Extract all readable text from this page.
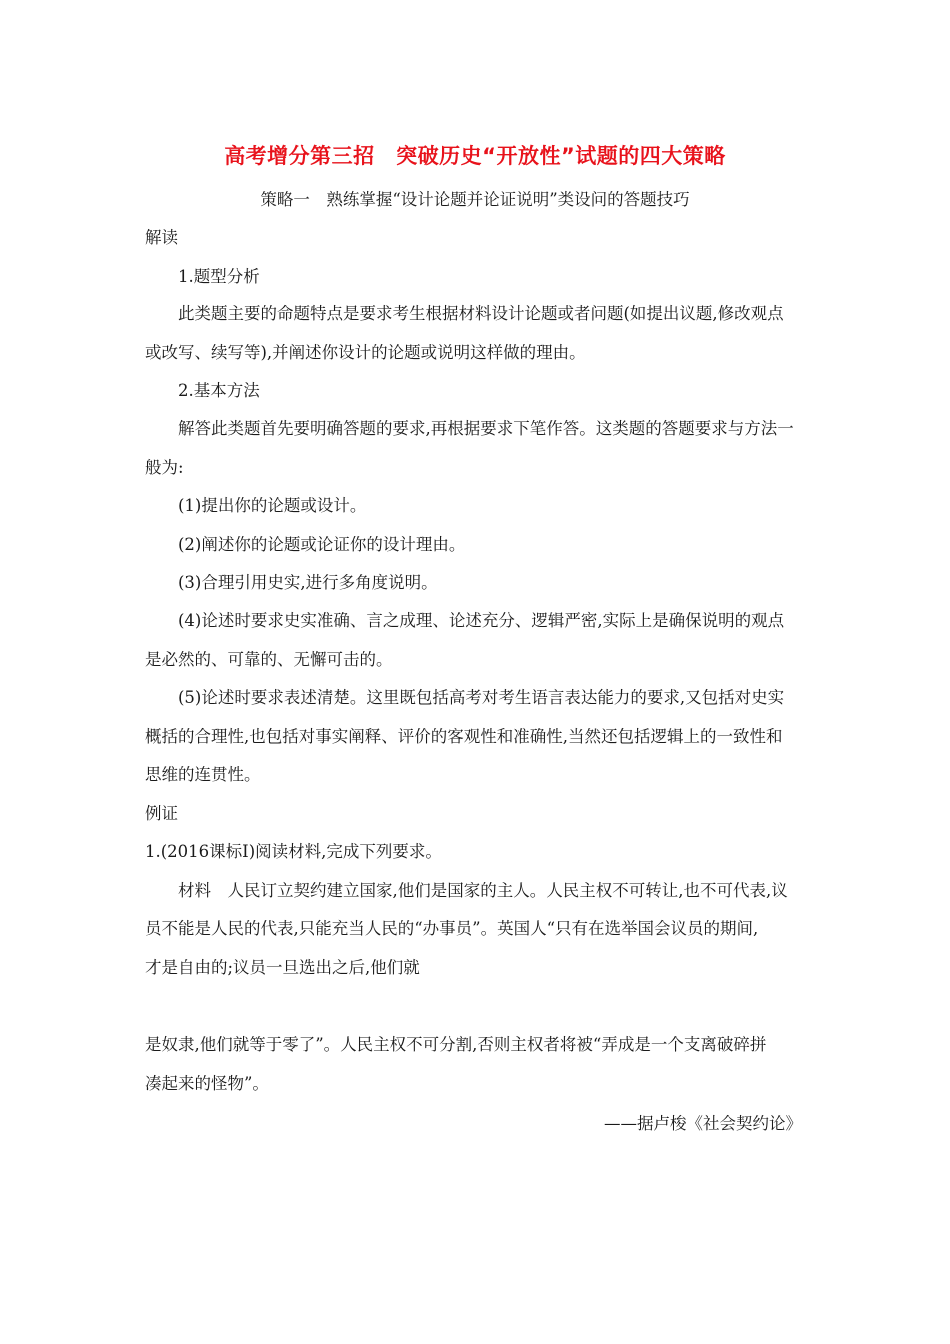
高考增分第三招　突破历史“开放性”试题的四大策略
策略一　熟练掌握“设计论题并论证说明”类设问的答题技巧
解读
1.题型分析
此类题主要的命题特点是要求考生根据材料设计论题或者问题(如提出议题,修改观点
或改写、续写等),并阐述你设计的论题或说明这样做的理由。
2.基本方法
解答此类题首先要明确答题的要求,再根据要求下笔作答。这类题的答题要求与方法一
般为:
(1)提出你的论题或设计。
(2)阐述你的论题或论证你的设计理由。
(3)合理引用史实,进行多角度说明。
(4)论述时要求史实准确、言之成理、论述充分、逻辑严密,实际上是确保说明的观点
是必然的、可靠的、无懈可击的。
(5)论述时要求表述清楚。这里既包括高考对考生语言表达能力的要求,又包括对史实
概括的合理性,也包括对事实阐释、评价的客观性和准确性,当然还包括逻辑上的一致性和
思维的连贯性。
例证
1.(2016课标Ⅰ)阅读材料,完成下列要求。
材料　人民订立契约建立国家,他们是国家的主人。人民主权不可转让,也不可代表,议
员不能是人民的代表,只能充当人民的“办事员”。英国人“只有在选举国会议员的期间,
才是自由的;议员一旦选出之后,他们就
是奴隶,他们就等于零了”。人民主权不可分割,否则主权者将被“弄成是一个支离破碎拼
凑起来的怪物”。
——据卢梭《社会契约论》
